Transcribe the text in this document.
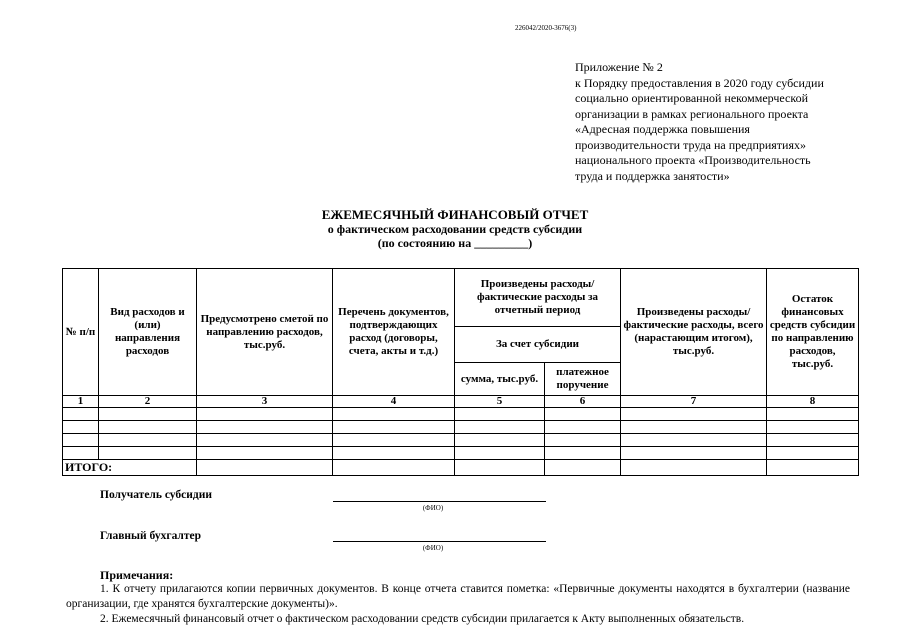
226042/2020-3676(3)
Приложение № 2
к Порядку предоставления в 2020 году субсидии
социально ориентированной некоммерческой
организации в рамках регионального проекта
«Адресная поддержка повышения
производительности труда на предприятиях»
национального проекта «Производительность
труда и поддержка занятости»
ЕЖЕМЕСЯЧНЫЙ ФИНАНСОВЫЙ ОТЧЕТ
о фактическом расходовании средств субсидии
(по состоянию на _________)
№ п/п	Вид расходов и (или) направления расходов	Предусмотрено сметой по направлению расходов, тыс.руб.	Перечень документов, подтверждающих расход (договоры, счета, акты и т.д.)	Произведены расходы/фактические расходы за отчетный период		Произведены расходы/фактические расходы, всего (нарастающим итогом), тыс.руб.	Остаток финансовых средств субсидии по направлению расходов, тыс.руб.
				За счет субсидии			
				сумма, тыс.руб.	платежное поручение		
1	2	3	4	5	6	7	8

ИТОГО:							
Получатель субсидии
(ФИО)
Главный бухгалтер
(ФИО)
Примечания:

1. К отчету прилагаются копии первичных документов. В конце отчета ставится пометка: «Первичные документы находятся в бухгалтерии (название организации, где хранятся бухгалтерские документы)».

2. Ежемесячный финансовый отчет о фактическом расходовании средств субсидии прилагается к Акту выполненных обязательств.
